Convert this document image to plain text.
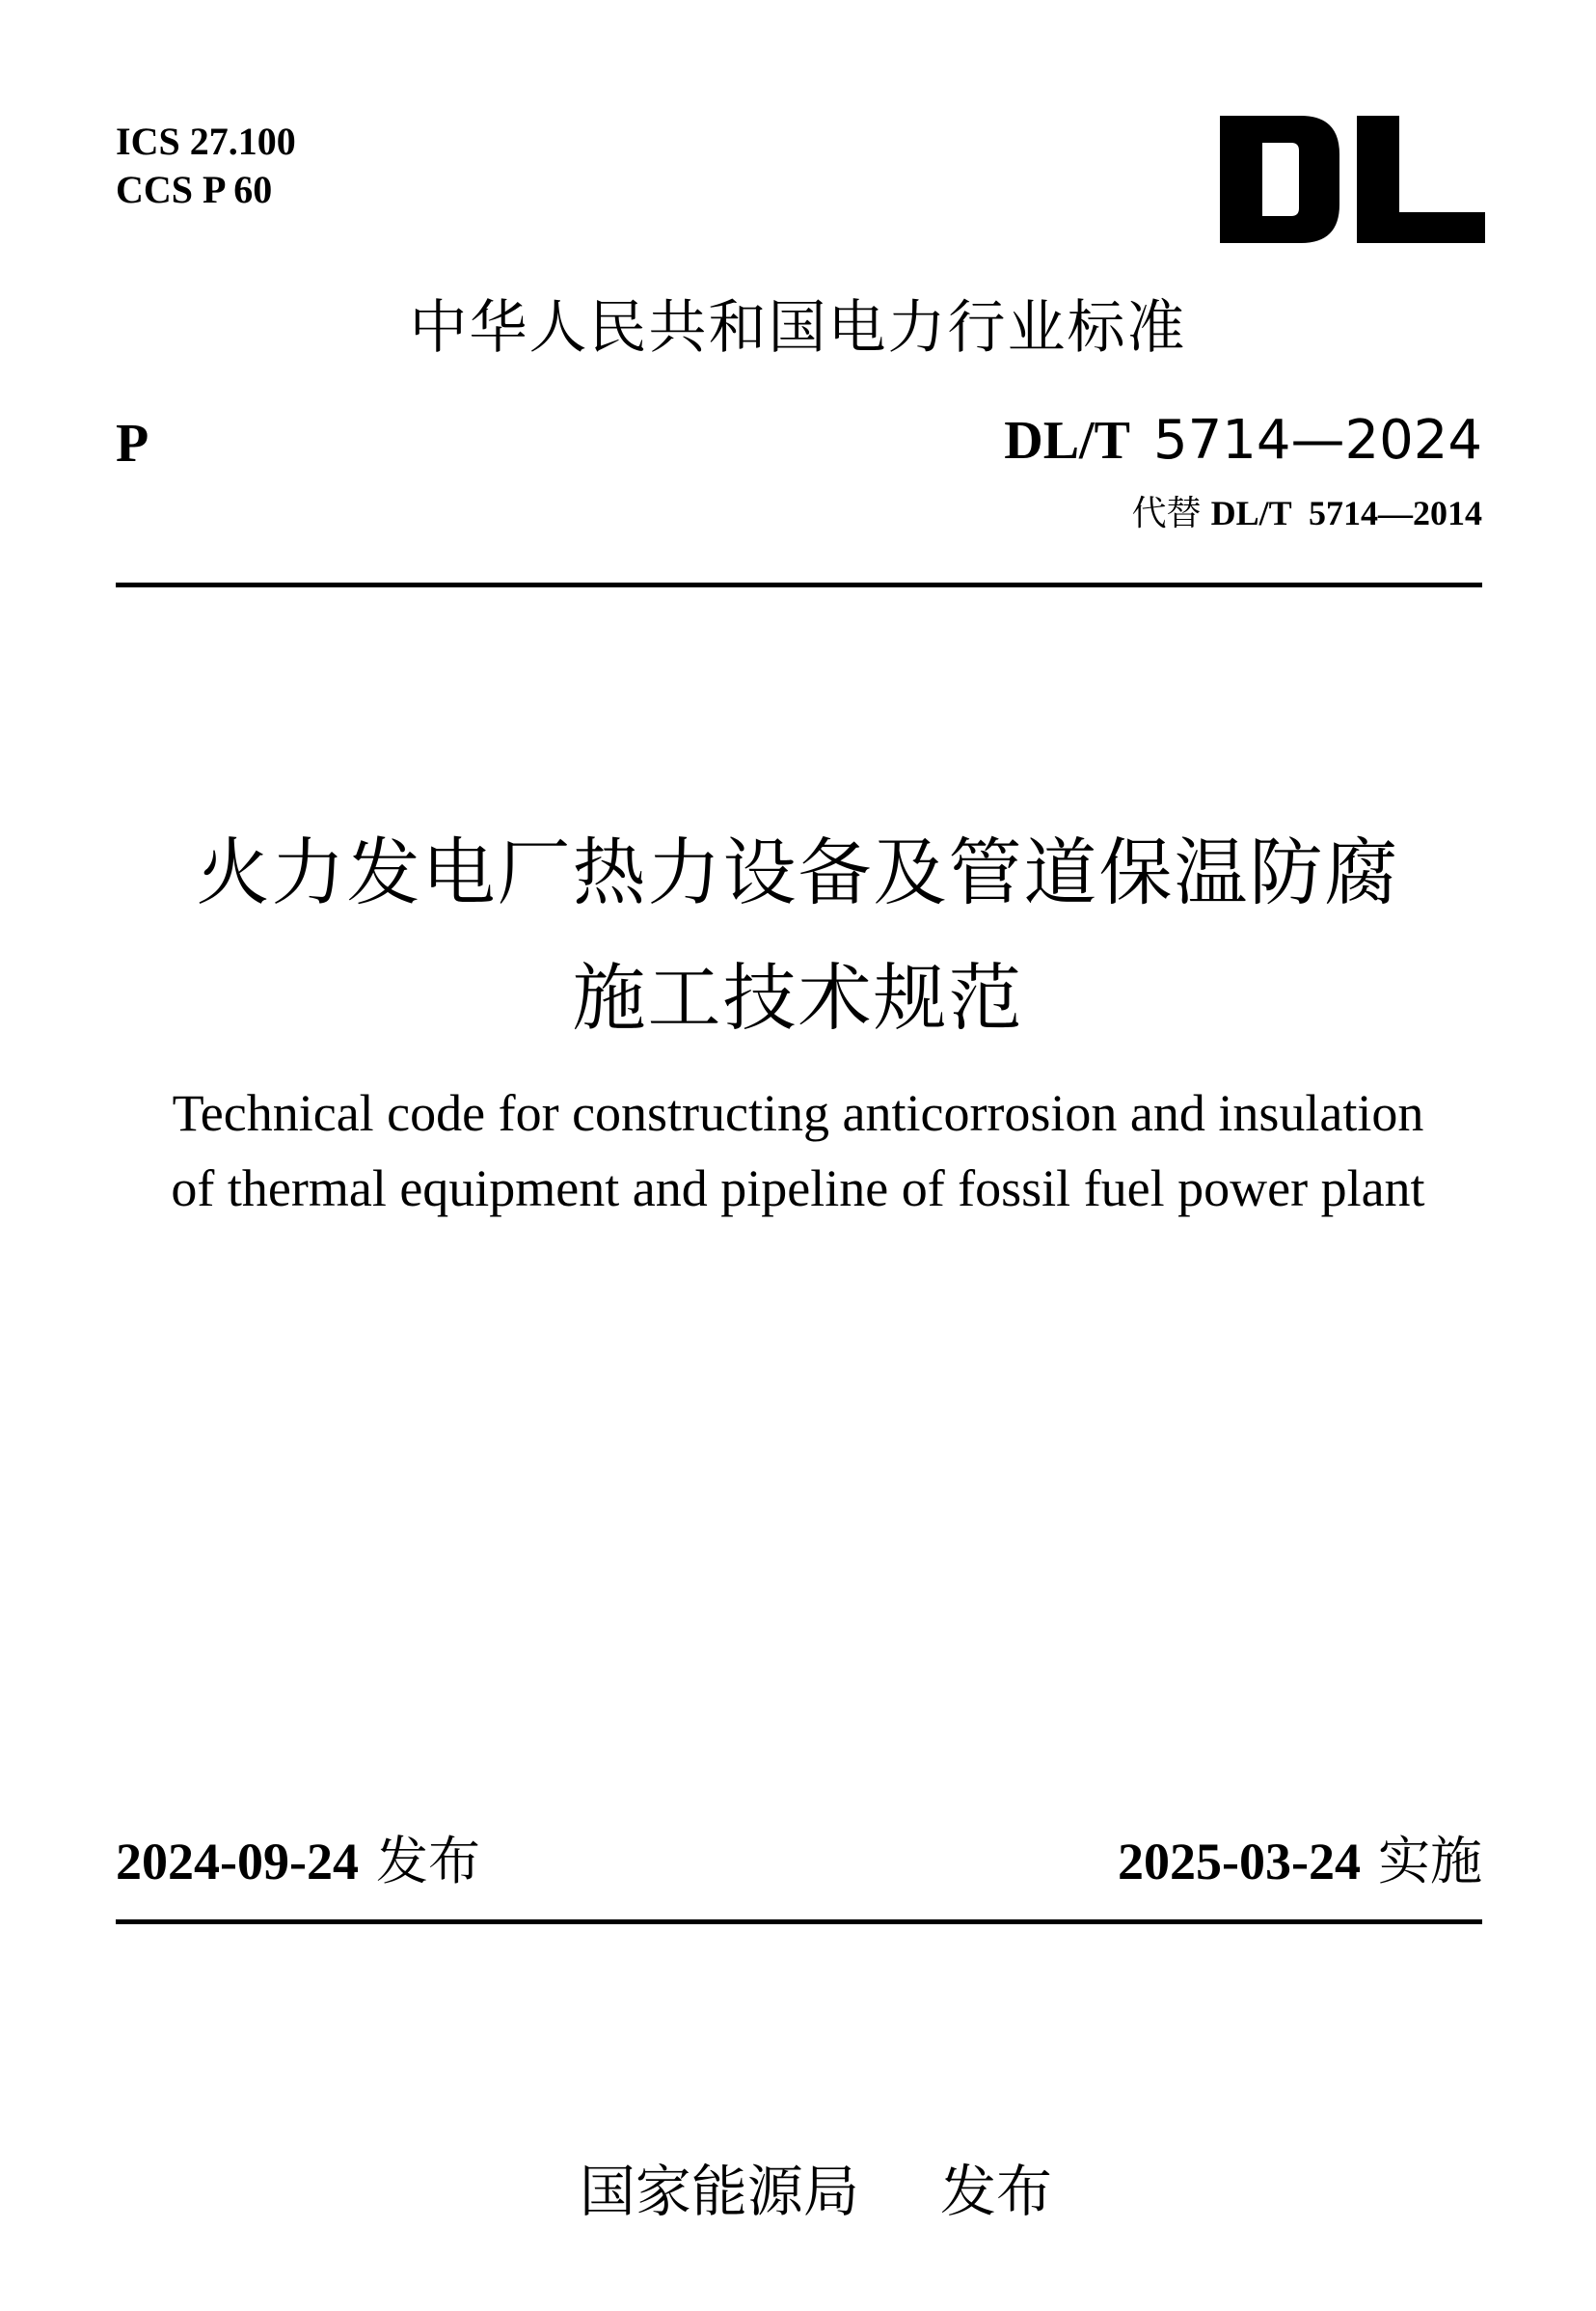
ICS 27.100
CCS P 60
中华人民共和国电力行业标准
P	DL/T 5714—2024
代替 DL/T  5714—2014
火力发电厂热力设备及管道保温防腐
施工技术规范
Technical code for constructing anticorrosion and insulation
of thermal equipment and pipeline of fossil fuel power plant
2024-09-24 发布	2025-03-24 实施

国家能源局 发布
